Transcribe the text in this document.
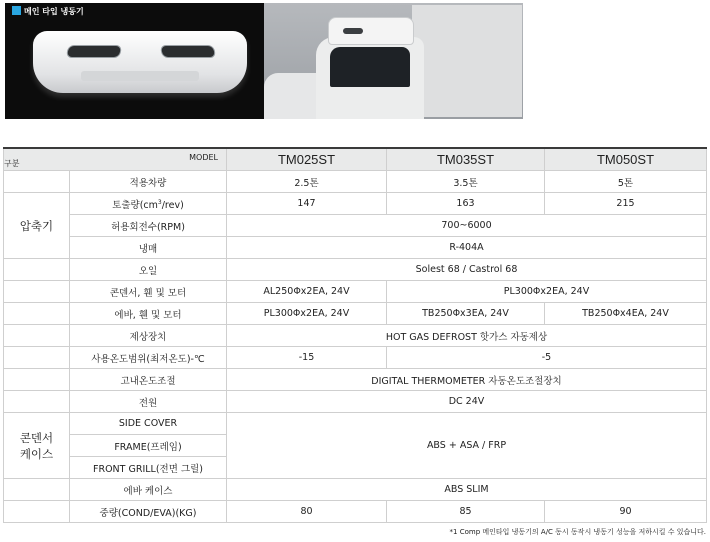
메인 타입 냉동기
구분
MODEL		TM025ST	TM035ST	TM050ST
	적용차량	2.5톤	3.5톤	5톤
압축기	토출량$(cm^3/rev)$	147	163	215
	허용회전수(RPM)	700~6000		
	냉매	R-404A		
	오일	Solest 68 / Castrol 68		
	콘덴서, 휀 및 모터	AL250Φx2EA, 24V	PL300Φx2EA, 24V	
	에바, 휀 및 모터	PL300Φx2EA, 24V	TB250Φx3EA, 24V	TB250Φx4EA, 24V
	제상장치	HOT GAS DEFROST 핫가스 자동제상		
	사용온도범위(최저온도)-℃	-15	-5	
	고내온도조절	DIGITAL THERMOMETER 자동온도조절장치		
	전원	DC 24V		
콘덴서
케이스	SIDE COVER	ABS + ASA / FRP		
	FRAME(프레임)			
	FRONT GRILL(전면 그릴)			
	에바 케이스	ABS SLIM		
	중량(COND/EVA)(KG)	80	85	90
*1 Comp 메인타입 냉동기의 A/C 동시 동작시 냉동기 성능을 저하시킬 수 있습니다.
